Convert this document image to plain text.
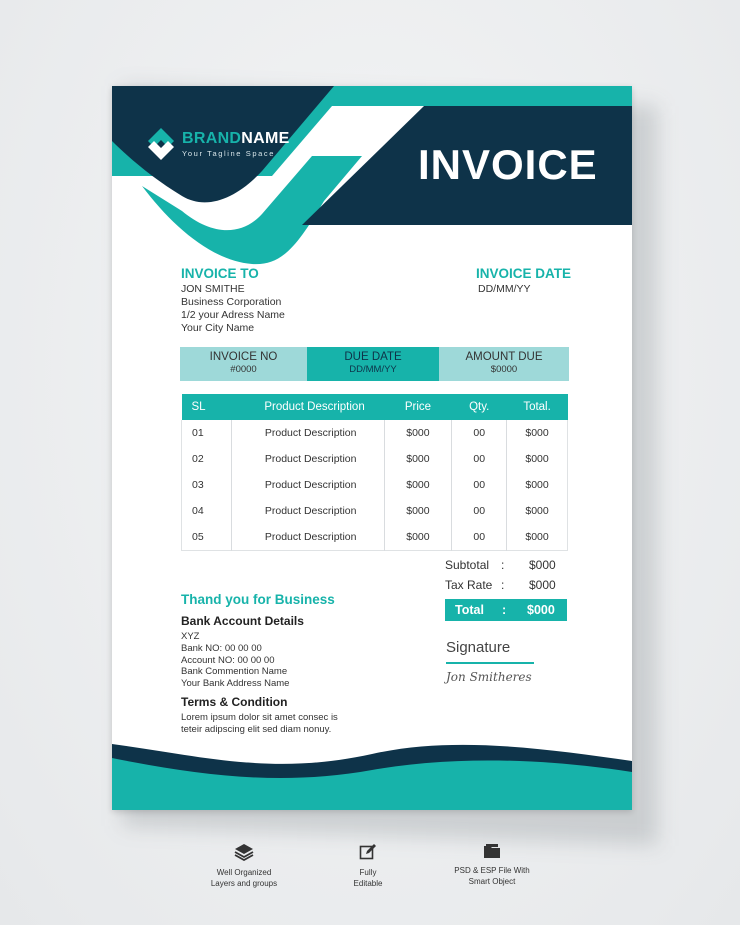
BRANDNAME
Your Tagline Space	INVOICE
INVOICE TO
JON SMITHE
Business Corporation
1/2 your Adress Name
Your City Name
INVOICE DATE
DD/MM/YY
INVOICE NO
#0000
DUE DATE
DD/MM/YY
AMOUNT DUE
$0000
SL	Product Description	Price	Qty.	Total.
01	Product Description	$000	00	$000
02	Product Description	$000	00	$000
03	Product Description	$000	00	$000
04	Product Description	$000	00	$000
05	Product Description	$000	00	$000
Subtotal : $000
Tax Rate : $000
Total : $000
Thand you for Business
Bank Account Details
XYZ
Bank NO: 00 00 00
Account NO: 00 00 00
Bank Commention Name
Your Bank Address Name
Terms & Condition
Lorem ipsum dolor sit amet consec is
teteir adipscing elit sed diam nonuy.
Signature
Jon Smitheres
Well Organized
Layers and groups
Fully
Editable
PSD & ESP File With
Smart Object
